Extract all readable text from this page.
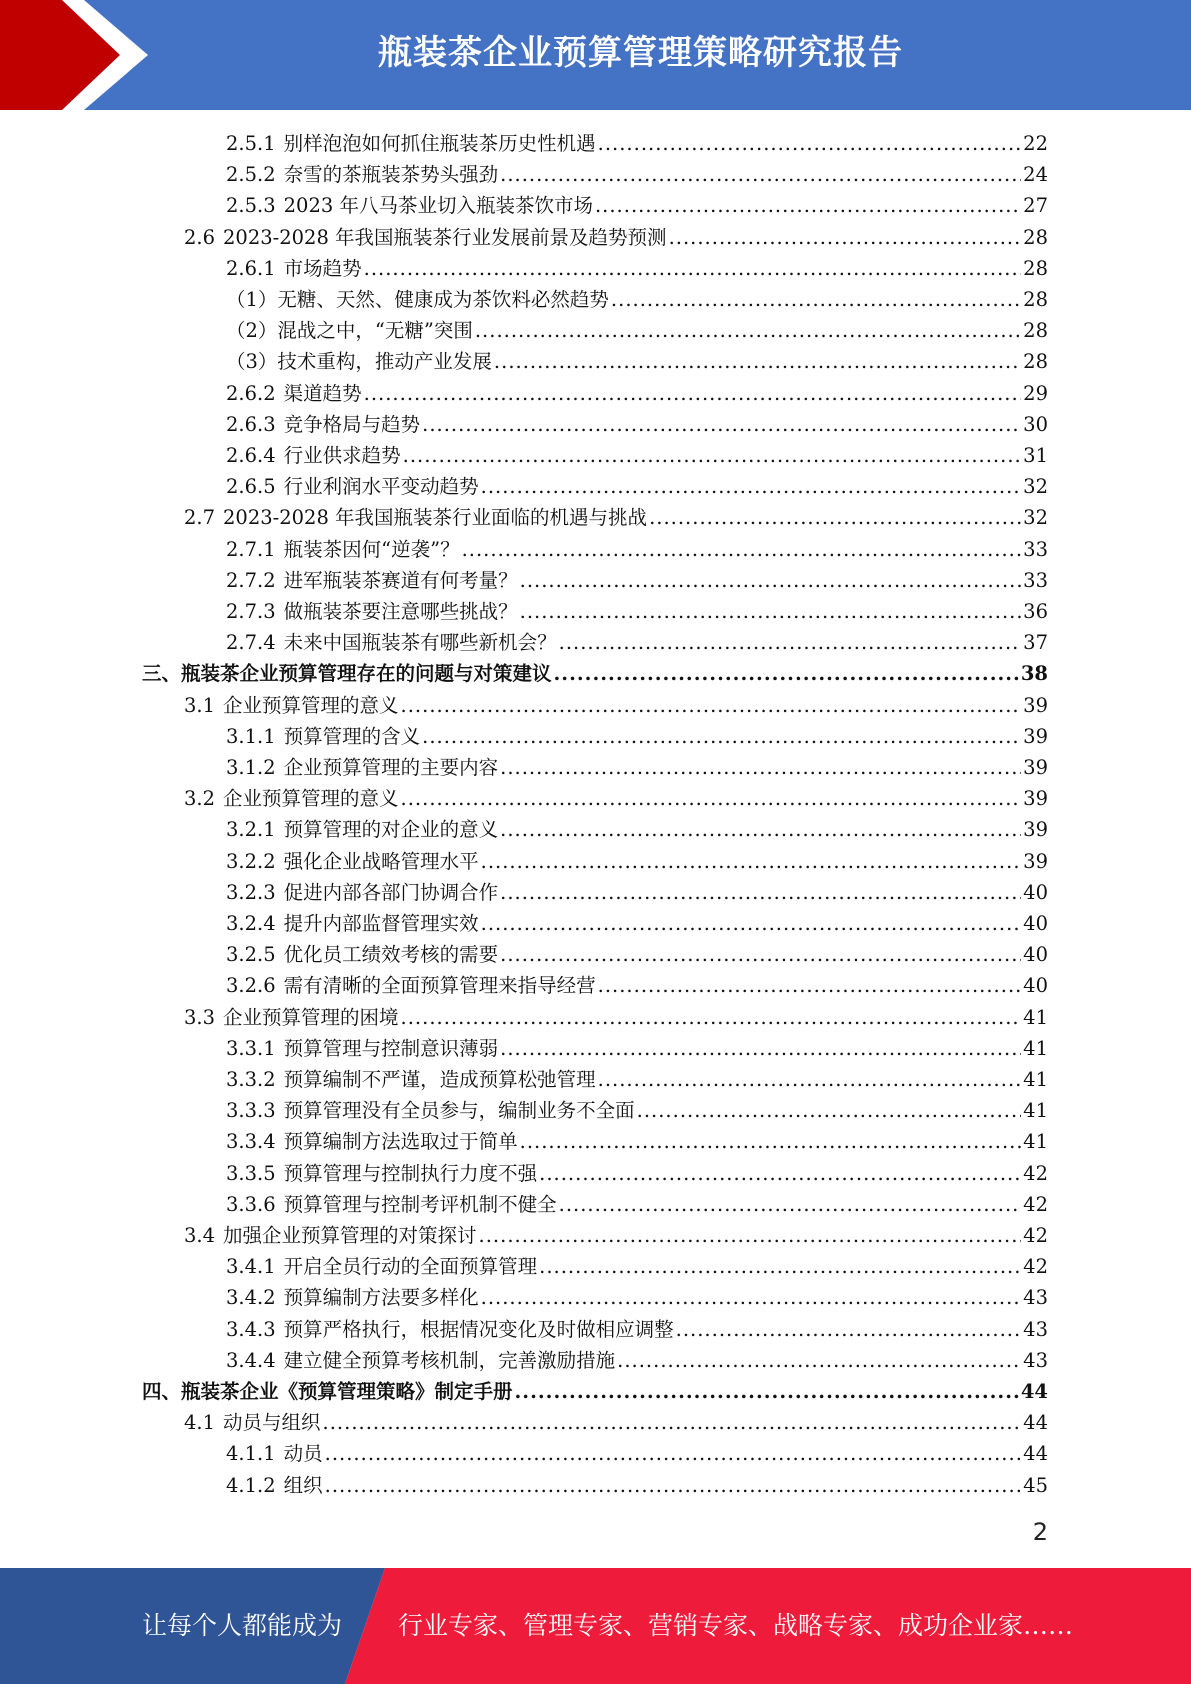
瓶装茶企业预算管理策略研究报告
2.5.1 别样泡泡如何抓住瓶装茶历史性机遇 .....	22
2.5.2 奈雪的茶瓶装茶势头强劲 .....	24
2.5.3 2023 年八马茶业切入瓶装茶饮市场 .....	27
2.6 2023-2028 年我国瓶装茶行业发展前景及趋势预测 .....	28
2.6.1 市场趋势 .....	28
（1）无糖、天然、健康成为茶饮料必然趋势 .....	28
（2）混战之中，“无糖”突围 .....	28
（3）技术重构，推动产业发展 .....	28
2.6.2 渠道趋势 .....	29
2.6.3 竞争格局与趋势 .....	30
2.6.4 行业供求趋势 .....	31
2.6.5 行业利润水平变动趋势 .....	32
2.7 2023-2028 年我国瓶装茶行业面临的机遇与挑战 .....	32
2.7.1 瓶装茶因何“逆袭”？ .....	33
2.7.2 进军瓶装茶赛道有何考量？ .....	33
2.7.3 做瓶装茶要注意哪些挑战？ .....	36
2.7.4 未来中国瓶装茶有哪些新机会？ .....	37
三、瓶装茶企业预算管理存在的问题与对策建议 .....	38
3.1 企业预算管理的意义 .....	39
3.1.1 预算管理的含义 .....	39
3.1.2 企业预算管理的主要内容 .....	39
3.2 企业预算管理的意义 .....	39
3.2.1 预算管理的对企业的意义 .....	39
3.2.2 强化企业战略管理水平 .....	39
3.2.3 促进内部各部门协调合作 .....	40
3.2.4 提升内部监督管理实效 .....	40
3.2.5 优化员工绩效考核的需要 .....	40
3.2.6 需有清晰的全面预算管理来指导经营 .....	40
3.3 企业预算管理的困境 .....	41
3.3.1 预算管理与控制意识薄弱 .....	41
3.3.2 预算编制不严谨，造成预算松弛管理 .....	41
3.3.3 预算管理没有全员参与，编制业务不全面 .....	41
3.3.4 预算编制方法选取过于简单 .....	41
3.3.5 预算管理与控制执行力度不强 .....	42
3.3.6 预算管理与控制考评机制不健全 .....	42
3.4 加强企业预算管理的对策探讨 .....	42
3.4.1 开启全员行动的全面预算管理 .....	42
3.4.2 预算编制方法要多样化 .....	43
3.4.3 预算严格执行，根据情况变化及时做相应调整 .....	43
3.4.4 建立健全预算考核机制，完善激励措施 .....	43
四、瓶装茶企业《预算管理策略》制定手册 .....	44
4.1 动员与组织 .....	44
4.1.1 动员 .....	44
4.1.2 组织 .....	45
2
让每个人都能成为 行业专家、管理专家、营销专家、战略专家、成功企业家……
